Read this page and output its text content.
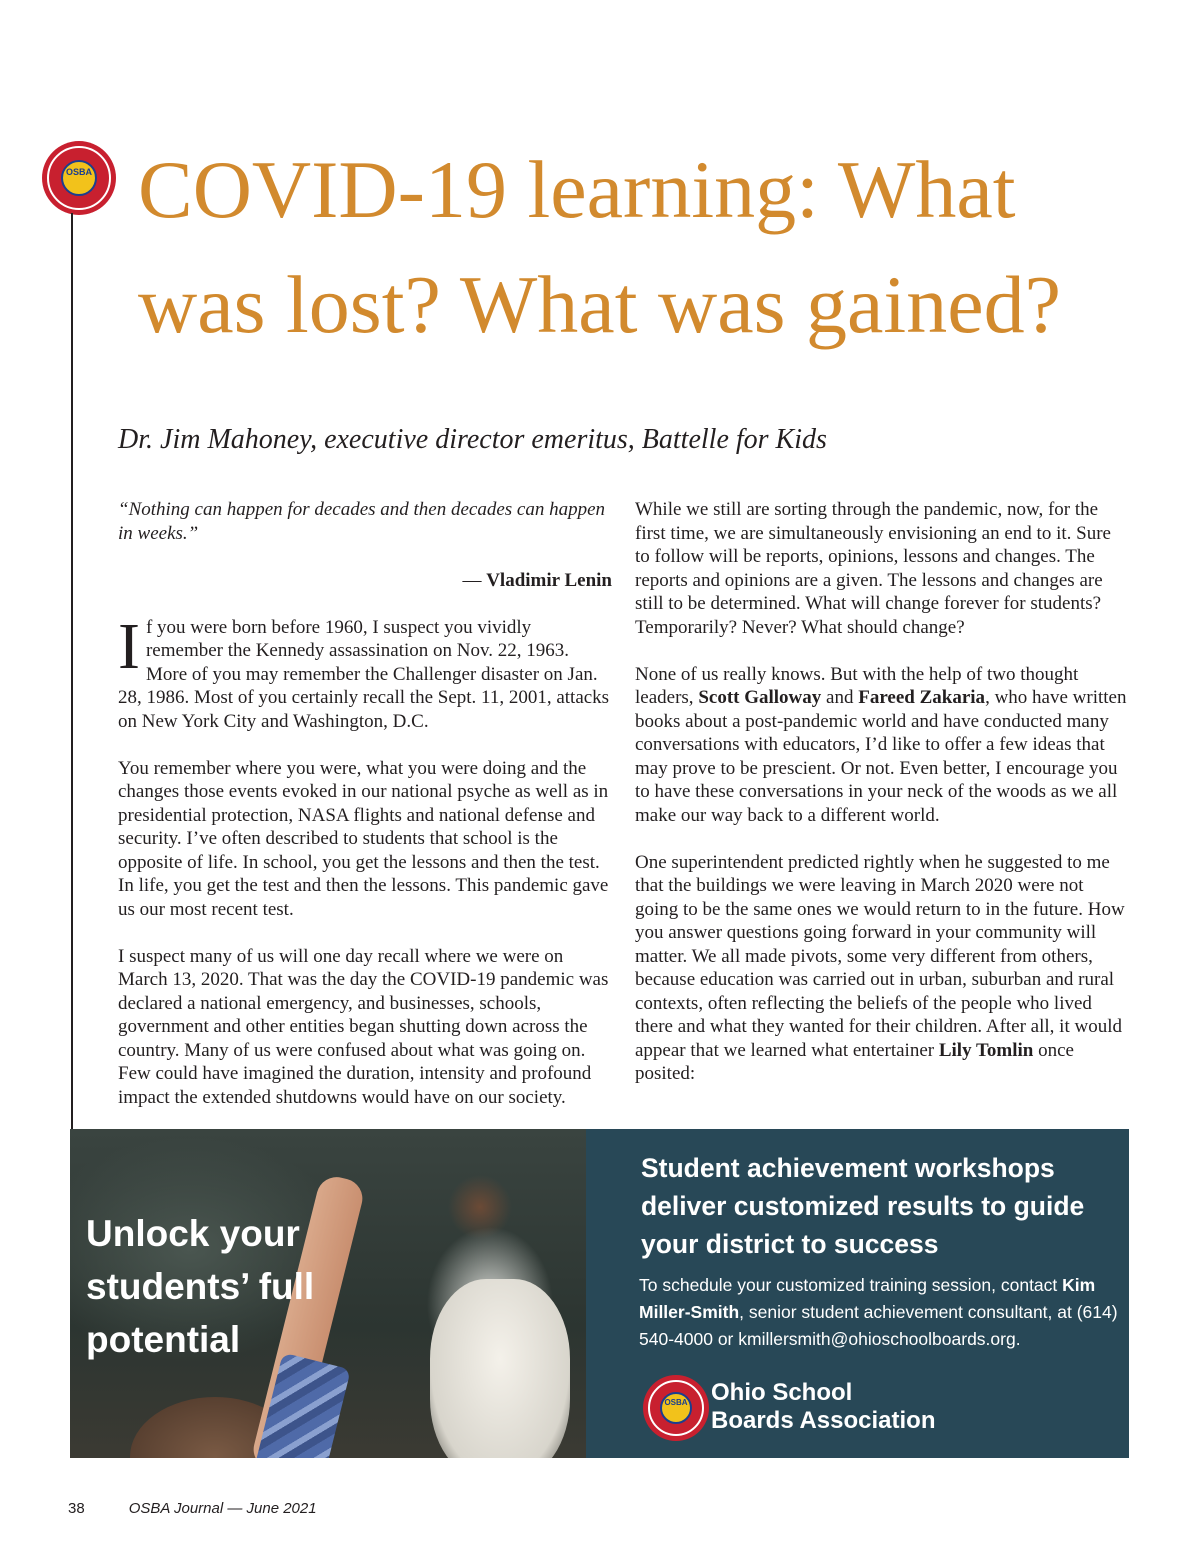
OSBA COVID-19 learning: What was lost? What was gained?

Dr. Jim Mahoney, executive director emeritus, Battelle for Kids

“Nothing can happen for decades and then decades can happen in weeks.”

— Vladimir Lenin

If you were born before 1960, I suspect you vividly remember the Kennedy assassination on Nov. 22, 1963. More of you may remember the Challenger disaster on Jan. 28, 1986. Most of you certainly recall the Sept. 11, 2001, attacks on New York City and Washington, D.C.

You remember where you were, what you were doing and the changes those events evoked in our national psyche as well as in presidential protection, NASA flights and national defense and security. I’ve often described to students that school is the opposite of life. In school, you get the lessons and then the test. In life, you get the test and then the lessons. This pandemic gave us our most recent test.

I suspect many of us will one day recall where we were on March 13, 2020. That was the day the COVID-19 pandemic was declared a national emergency, and businesses, schools, government and other entities began shutting down across the country. Many of us were confused about what was going on. Few could have imagined the duration, intensity and profound impact the extended shutdowns would have on our society.

While we still are sorting through the pandemic, now, for the first time, we are simultaneously envisioning an end to it. Sure to follow will be reports, opinions, lessons and changes. The reports and opinions are a given. The lessons and changes are still to be determined. What will change forever for students? Temporarily? Never? What should change?

None of us really knows. But with the help of two thought leaders, Scott Galloway and Fareed Zakaria, who have written books about a post-pandemic world and have conducted many conversations with educators, I’d like to offer a few ideas that may prove to be prescient. Or not. Even better, I encourage you to have these conversations in your neck of the woods as we all make our way back to a different world.

One superintendent predicted rightly when he suggested to me that the buildings we were leaving in March 2020 were not going to be the same ones we would return to in the future. How you answer questions going forward in your community will matter. We all made pivots, some very different from others, because education was carried out in urban, suburban and rural contexts, often reflecting the beliefs of the people who lived there and what they wanted for their children. After all, it would appear that we learned what entertainer Lily Tomlin once posited:

Unlock your students’ full potential
Student achievement workshops deliver customized results to guide your district to success
To schedule your customized training session, contact Kim Miller-Smith, senior student achievement consultant, at (614) 540-4000 or kmillersmith@ohioschoolboards.org.
OSBA Ohio School
Boards Association
38	OSBA Journal — June 2021
